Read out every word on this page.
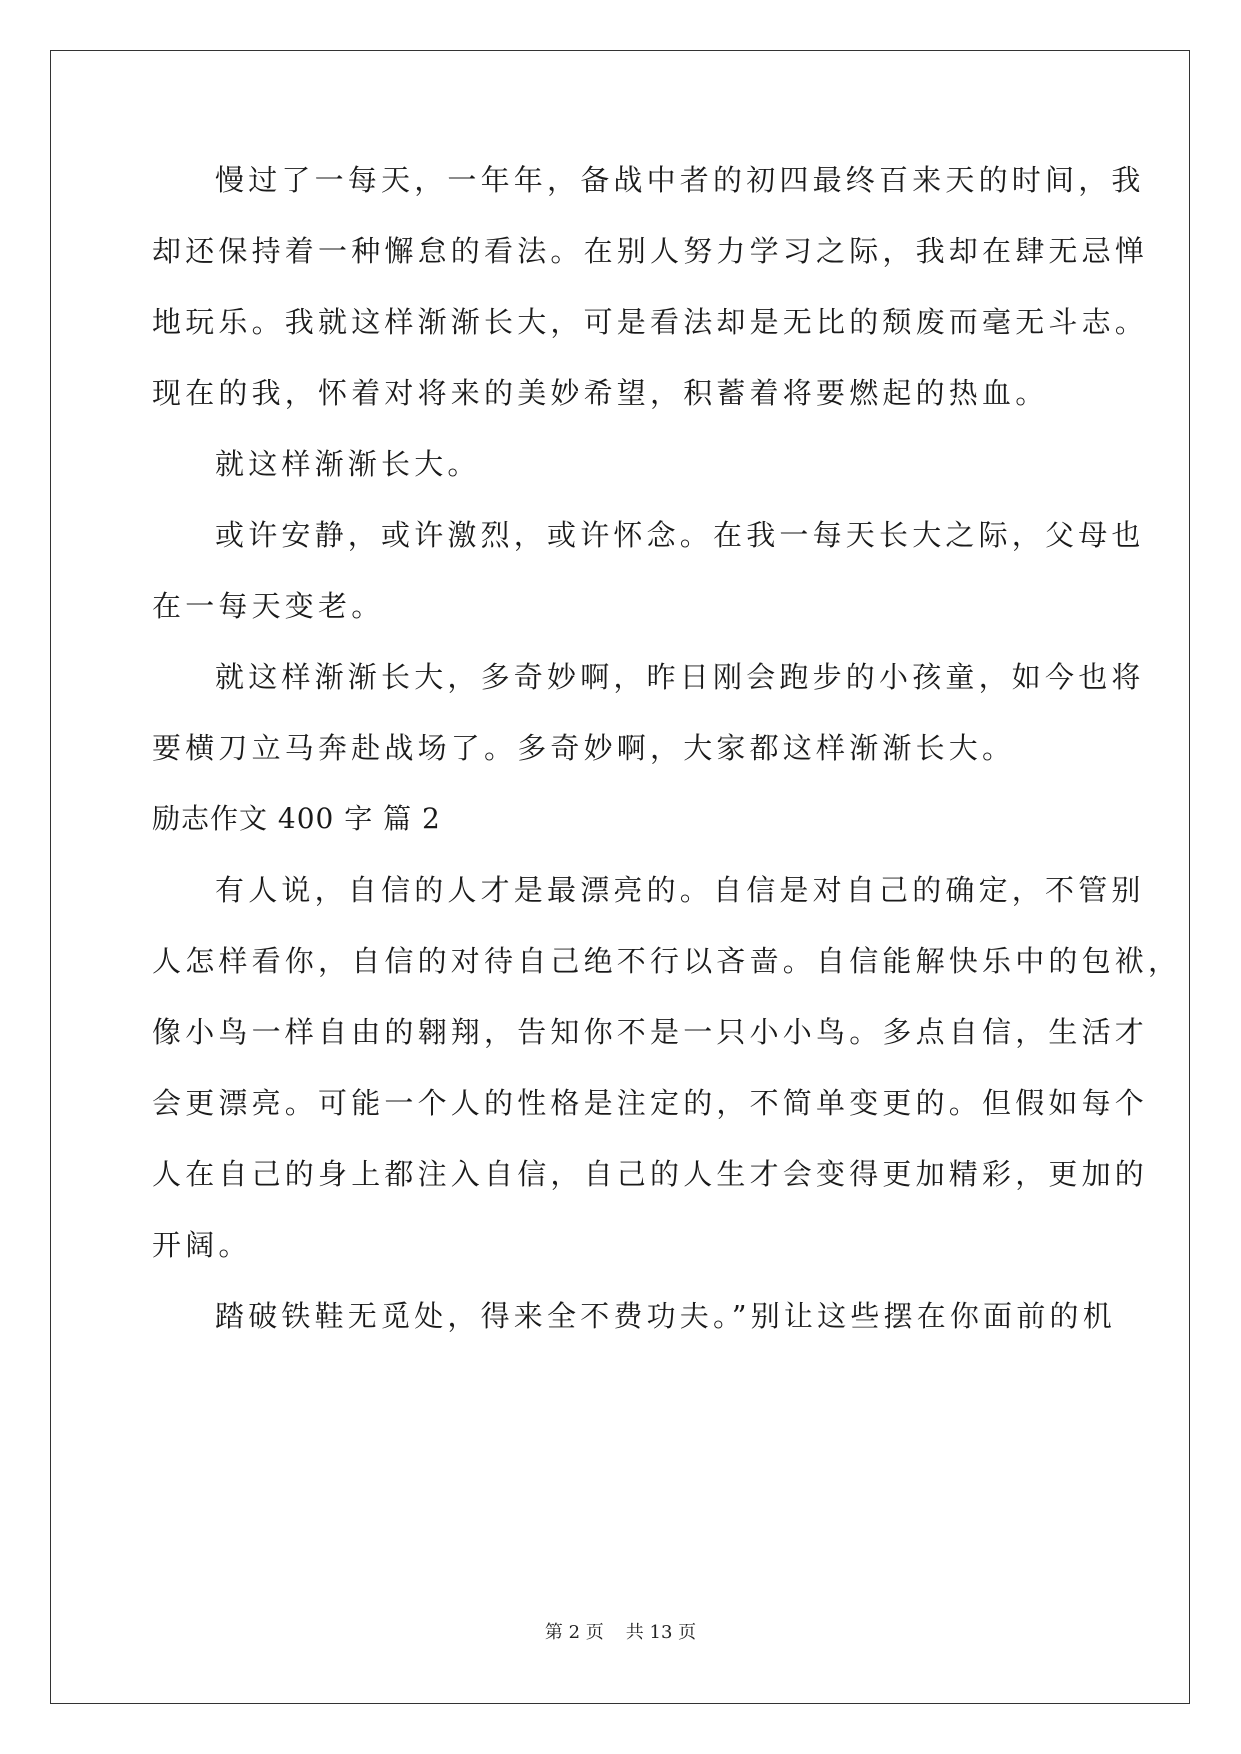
慢过了一每天，一年年，备战中者的初四最终百来天的时间，我
却还保持着一种懈怠的看法。在别人努力学习之际，我却在肆无忌惮
地玩乐。我就这样渐渐长大，可是看法却是无比的颓废而毫无斗志。
现在的我，怀着对将来的美妙希望，积蓄着将要燃起的热血。
就这样渐渐长大。
或许安静，或许激烈，或许怀念。在我一每天长大之际，父母也
在一每天变老。
就这样渐渐长大，多奇妙啊，昨日刚会跑步的小孩童，如今也将
要横刀立马奔赴战场了。多奇妙啊，大家都这样渐渐长大。
励志作文 400 字 篇 2
有人说，自信的人才是最漂亮的。自信是对自己的确定，不管别
人怎样看你，自信的对待自己绝不行以吝啬。自信能解快乐中的包袱，
像小鸟一样自由的翱翔，告知你不是一只小小鸟。多点自信，生活才
会更漂亮。可能一个人的性格是注定的，不简单变更的。但假如每个
人在自己的身上都注入自信，自己的人生才会变得更加精彩，更加的
开阔。
踏破铁鞋无觅处，得来全不费功夫。”别让这些摆在你面前的机
第 2 页 共 13 页
